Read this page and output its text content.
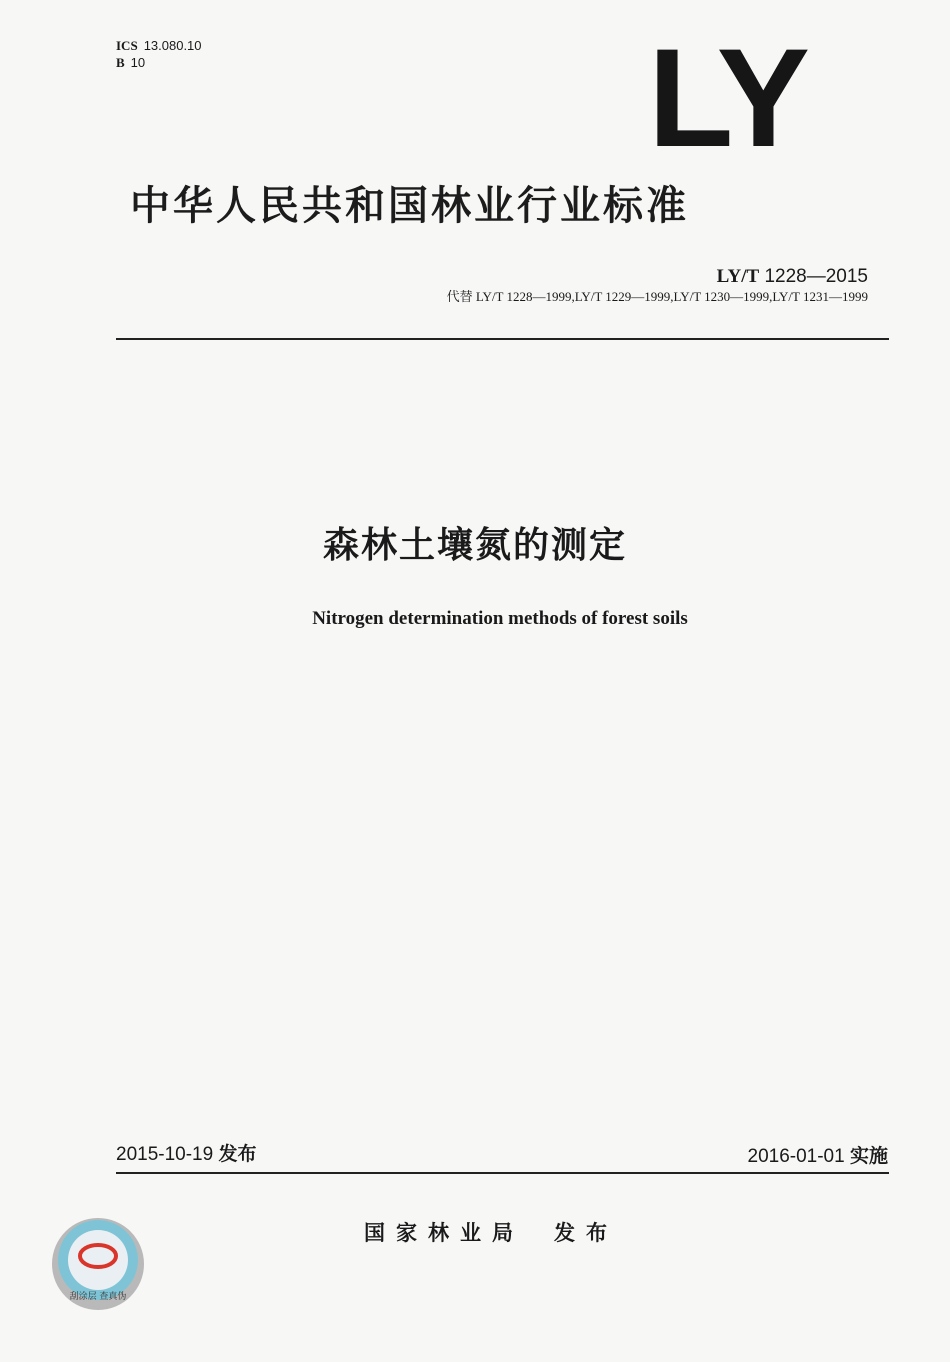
ICS 13.080.10
B 10	LY
中华人民共和国林业行业标准
LY/T 1228—2015
代替 LY/T 1228—1999,LY/T 1229—1999,LY/T 1230—1999,LY/T 1231—1999
森林土壤氮的测定
Nitrogen determination methods of forest soils
2015-10-19 发布	2016-01-01 实施
国家林业局 发布
刮涂层 查真伪
